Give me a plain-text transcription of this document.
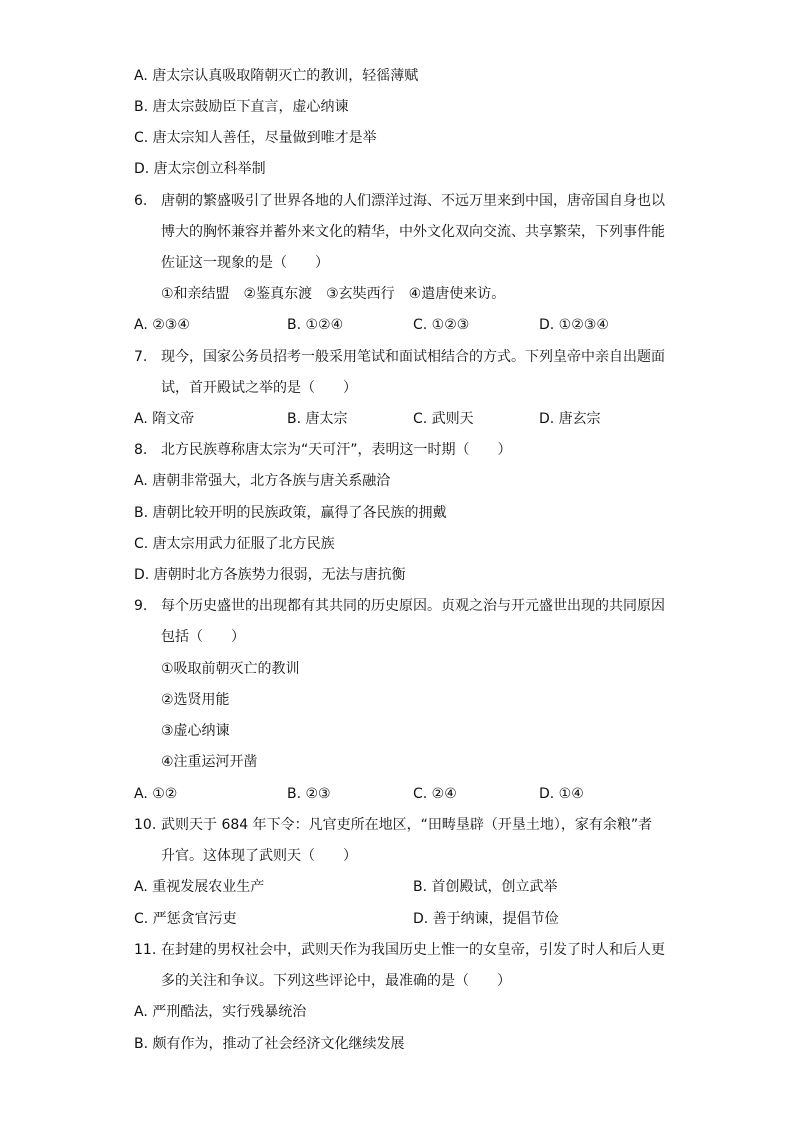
A. 唐太宗认真吸取隋朝灭亡的教训，轻徭薄赋
B. 唐太宗鼓励臣下直言，虚心纳谏
C. 唐太宗知人善任，尽量做到唯才是举
D. 唐太宗创立科举制
6. 唐朝的繁盛吸引了世界各地的人们漂洋过海、不远万里来到中国，唐帝国自身也以
博大的胸怀兼容并蓄外来文化的精华，中外文化双向交流、共享繁荣，下列事件能
佐证这一现象的是（　　）
①和亲结盟　②鉴真东渡　③玄奘西行　④遣唐使来访。
A. ②③④	B. ①②④	C. ①②③	D. ①②③④
7. 现今，国家公务员招考一般采用笔试和面试相结合的方式。下列皇帝中亲自出题面
试，首开殿试之举的是（　　）
A. 隋文帝	B. 唐太宗	C. 武则天	D. 唐玄宗
8. 北方民族尊称唐太宗为“天可汗”，表明这一时期（　　）
A. 唐朝非常强大，北方各族与唐关系融洽
B. 唐朝比较开明的民族政策，赢得了各民族的拥戴
C. 唐太宗用武力征服了北方民族
D. 唐朝时北方各族势力很弱，无法与唐抗衡
9. 每个历史盛世的出现都有其共同的历史原因。贞观之治与开元盛世出现的共同原因
包括（　　）
①吸取前朝灭亡的教训
②选贤用能
③虚心纳谏
④注重运河开凿
A. ①②	B. ②③	C. ②④	D. ①④
10. 武则天于 684 年下令：凡官吏所在地区，“田畴垦辟（开垦土地），家有余粮”者
升官。这体现了武则天（　　）
A. 重视发展农业生产	B. 首创殿试，创立武举
C. 严惩贪官污吏	D. 善于纳谏，提倡节俭
11. 在封建的男权社会中，武则天作为我国历史上惟一的女皇帝，引发了时人和后人更
多的关注和争议。下列这些评论中，最准确的是（　　）
A. 严刑酷法，实行残暴统治
B. 颇有作为，推动了社会经济文化继续发展
